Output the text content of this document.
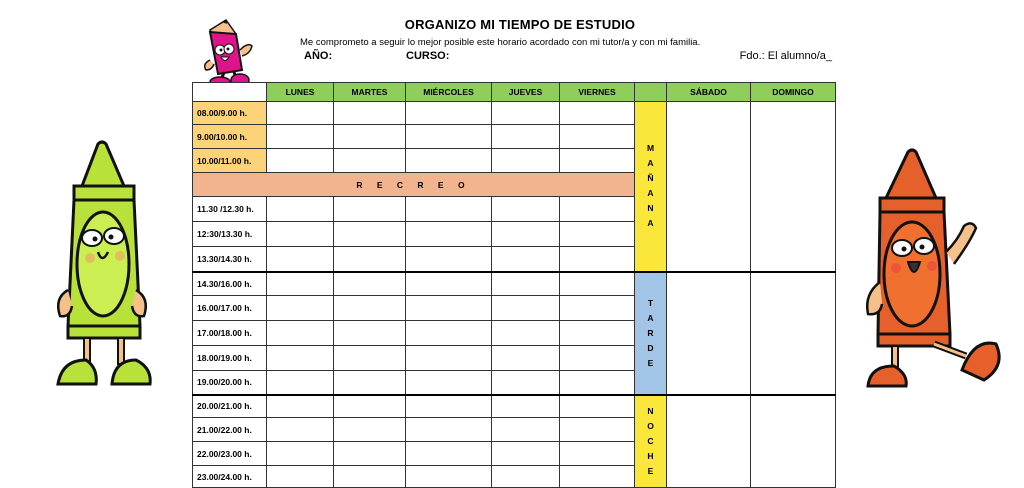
ORGANIZO MI TIEMPO DE ESTUDIO
Me comprometo a seguir lo mejor posible este horario acordado con mi tutor/a y con mi familia.
AÑO:	CURSO:	Fdo.: El alumno/a_
	LUNES	MARTES	MIÉRCOLES	JUEVES	VIERNES		SÁBADO	DOMINGO
08.00/9.00 h.						M A Ñ A N A		

9.00/10.00 h.								
10.00/11.00 h.								
R E C R E O								
11.30 /12.30 h.								
12:30/13.30 h.								
13.30/14.30 h.								
14.30/16.00 h.						T A R D E		

16.00/17.00 h.								
17.00/18.00 h.								
18.00/19.00 h.								
19.00/20.00 h.								
20.00/21.00 h.						N O C H E		

21.00/22.00 h.								
22.00/23.00 h.								
23.00/24.00 h.								
